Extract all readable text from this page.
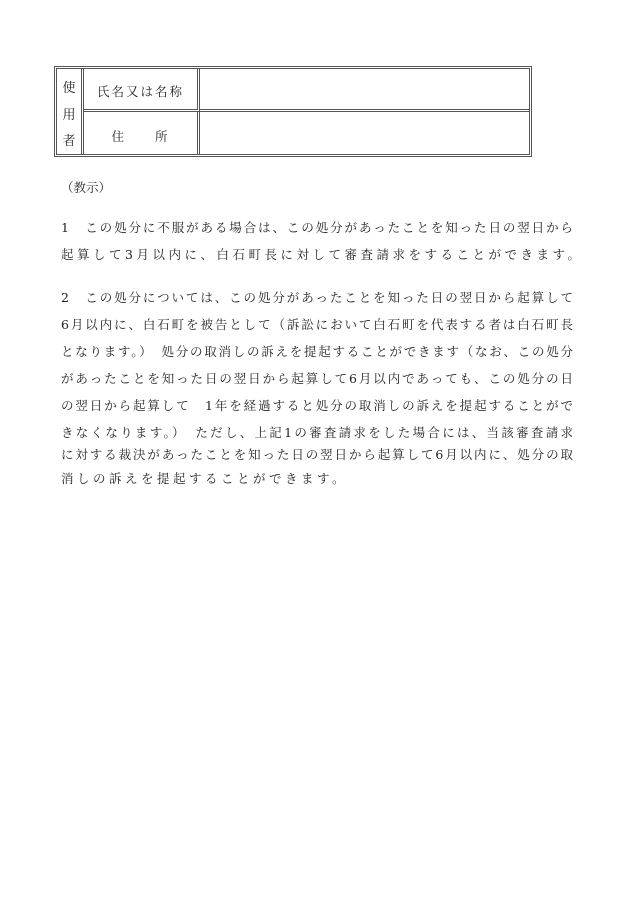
使
用
者
氏名又は名称
住　　所
（教示）
1　この処分に不服がある場合は、この処分があったことを知った日の翌日から
起算して3月以内に、白石町長に対して審査請求をすることができます。
2　この処分については、この処分があったことを知った日の翌日から起算して
6月以内に、白石町を被告として（訴訟において白石町を代表する者は白石町長
となります。）　処分の取消しの訴えを提起することができます（なお、この処分
があったことを知った日の翌日から起算して6月以内であっても、この処分の日
の翌日から起算して　1年を経過すると処分の取消しの訴えを提起することがで
きなくなります。）　ただし、上記1の審査請求をした場合には、当該審査請求
に対する裁決があったことを知った日の翌日から起算して6月以内に、処分の取
消しの訴えを提起することができます。
